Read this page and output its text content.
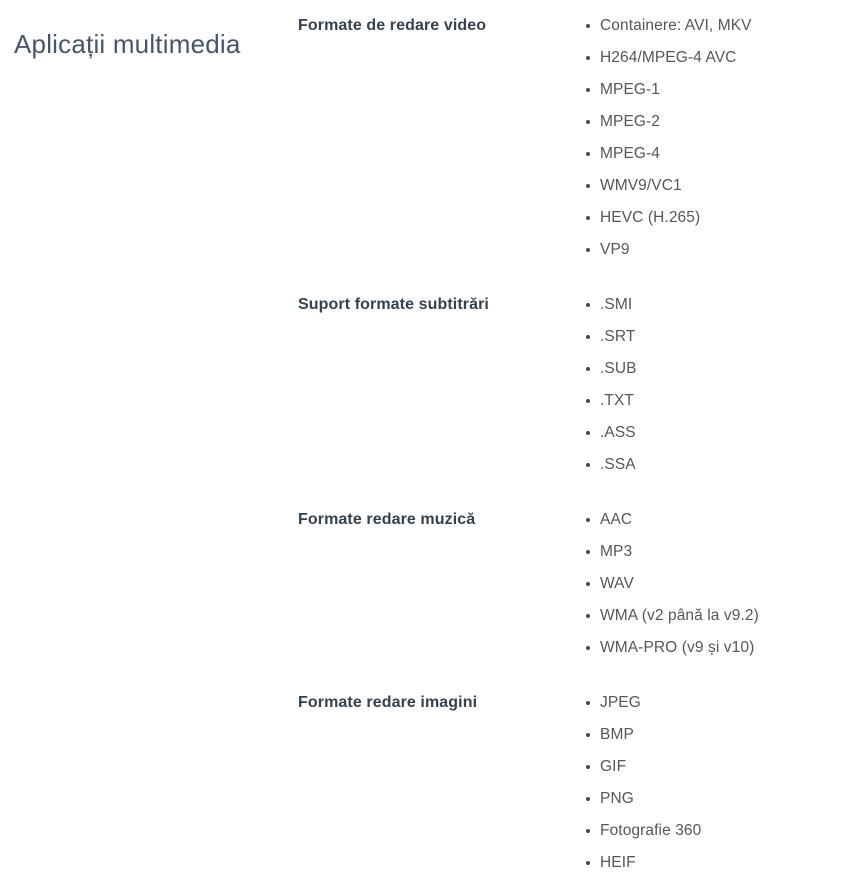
Aplicații multimedia
Formate de redare video	Containere: AVI, MKV
H264/MPEG-4 AVC
MPEG-1
MPEG-2
MPEG-4
WMV9/VC1
HEVC (H.265)
VP9
Suport formate subtitrări	.SMI
.SRT
.SUB
.TXT
.ASS
.SSA
Formate redare muzică	AAC
MP3
WAV
WMA (v2 până la v9.2)
WMA-PRO (v9 și v10)
Formate redare imagini	JPEG
BMP
GIF
PNG
Fotografie 360
HEIF
